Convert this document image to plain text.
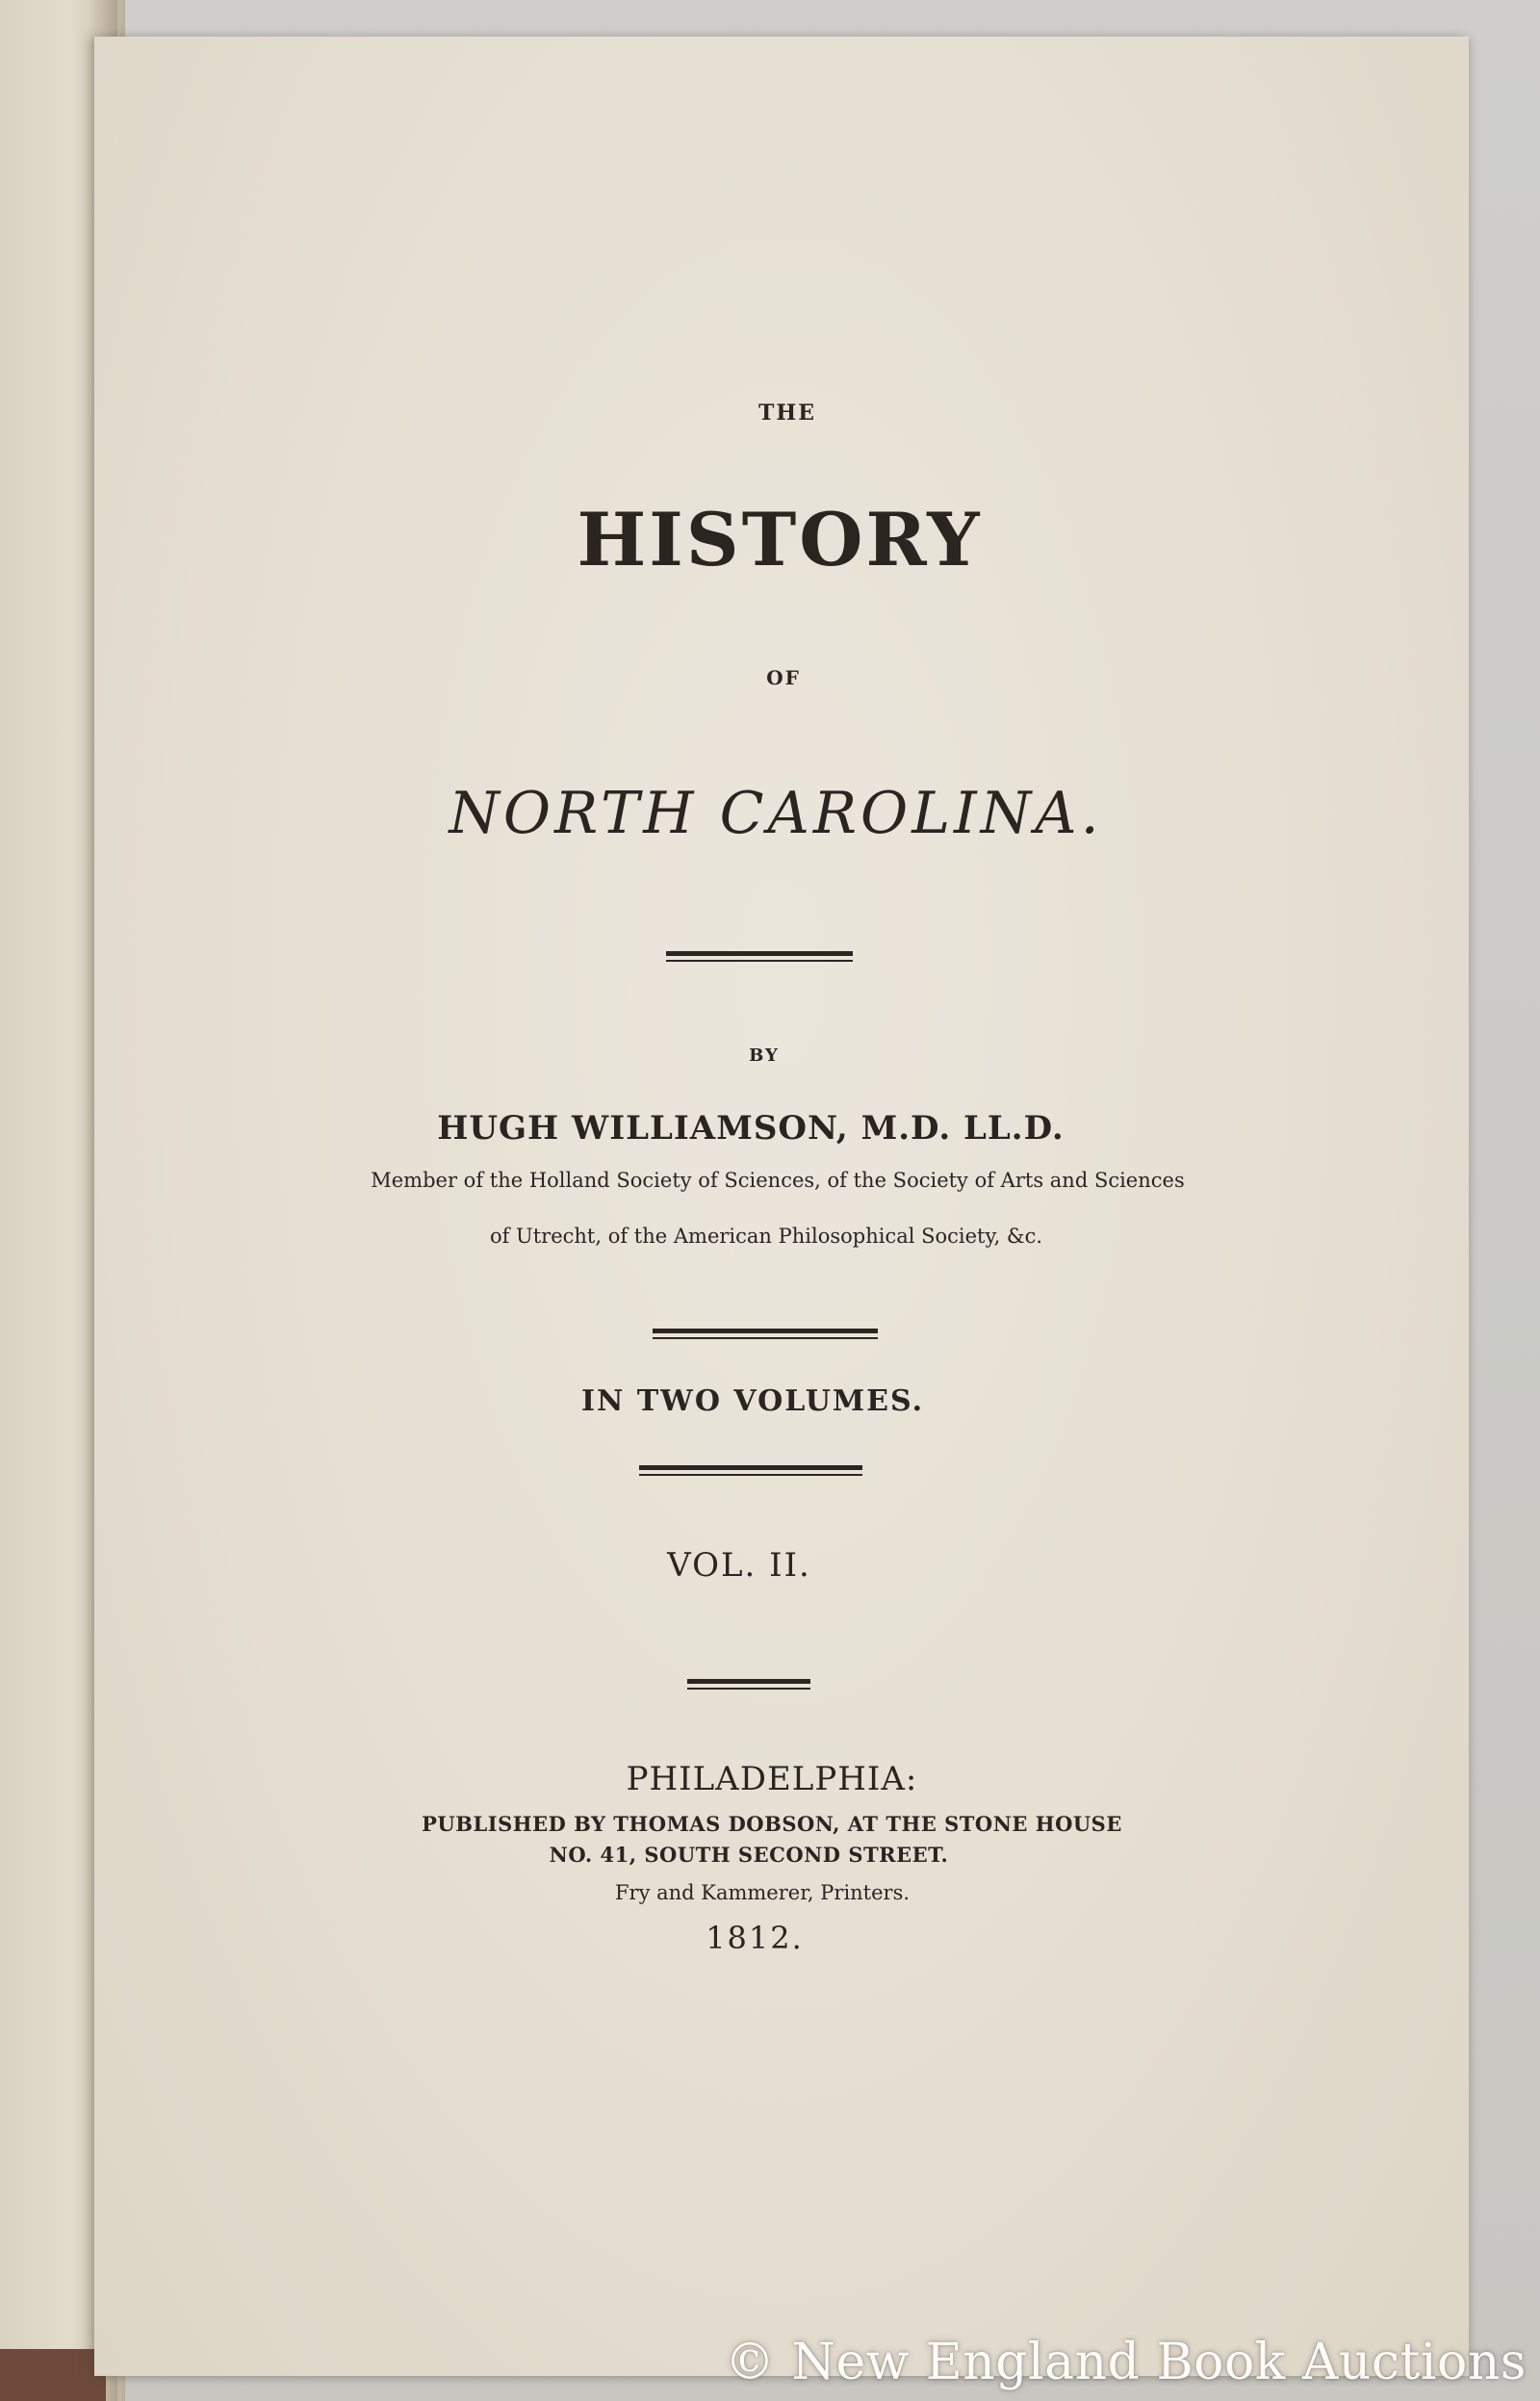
THE
HISTORY
OF
NORTH CAROLINA.
BY
HUGH WILLIAMSON, M.D. LL.D.
Member of the Holland Society of Sciences, of the Society of Arts and Sciences
of Utrecht, of the American Philosophical Society, &c.
IN TWO VOLUMES.
VOL. II.
PHILADELPHIA:
PUBLISHED BY THOMAS DOBSON, AT THE STONE HOUSE
NO. 41, SOUTH SECOND STREET.
Fry and Kammerer, Printers.
1812.
© New England Book Auctions
